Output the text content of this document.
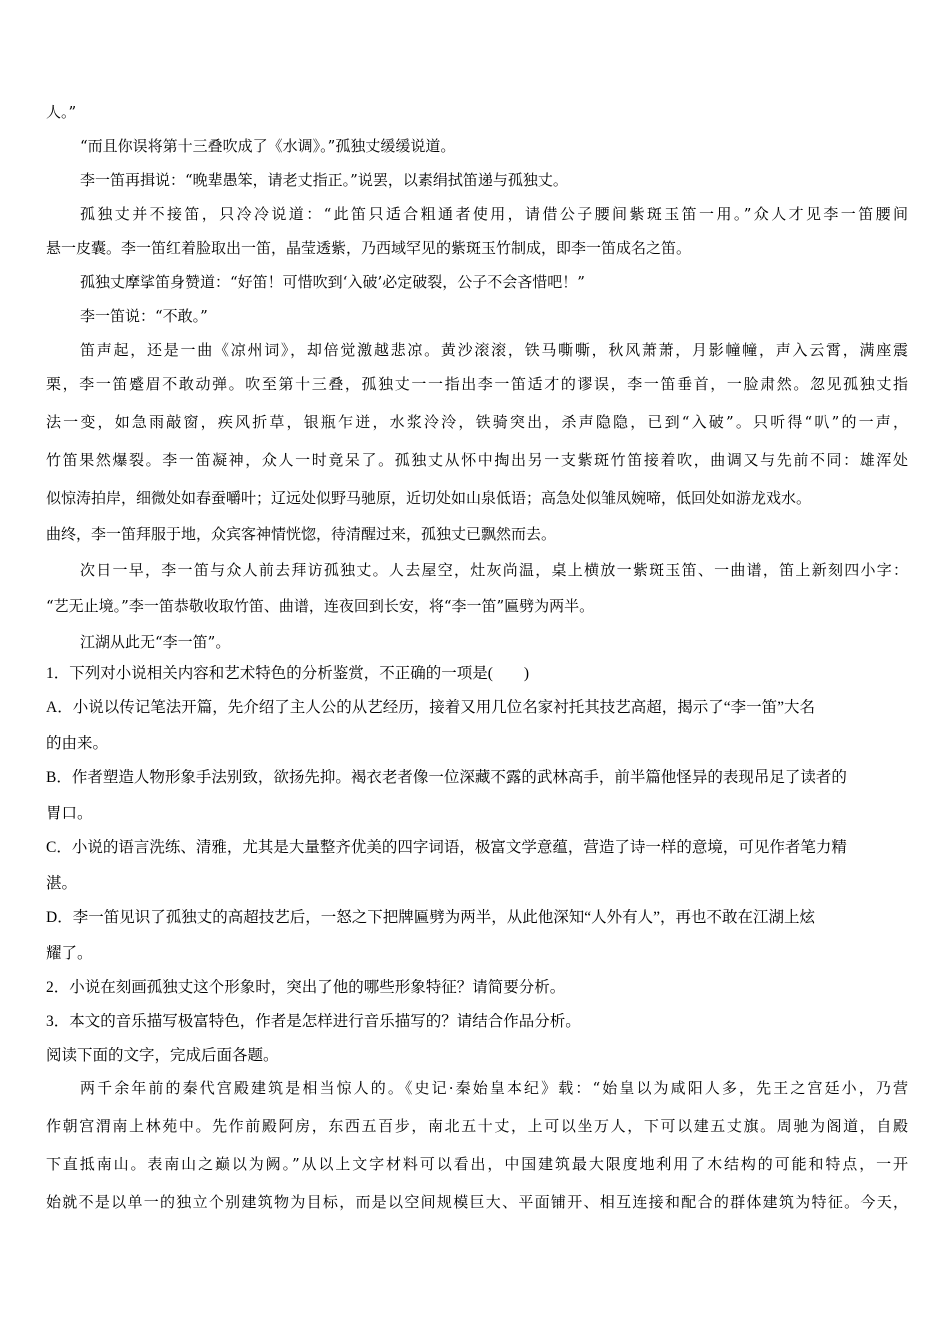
人。”
“而且你误将第十三叠吹成了《水调》。”孤独丈缓缓说道。
李一笛再揖说：“晚辈愚笨，请老丈指正。”说罢，以素绢拭笛递与孤独丈。
孤独丈并不接笛，只冷冷说道：“此笛只适合粗通者使用，请借公子腰间紫斑玉笛一用。”众人才见李一笛腰间
悬一皮囊。李一笛红着脸取出一笛，晶莹透紫，乃西域罕见的紫斑玉竹制成，即李一笛成名之笛。
孤独丈摩挲笛身赞道：“好笛！可惜吹到‘入破’必定破裂，公子不会吝惜吧！”
李一笛说：“不敢。”
笛声起，还是一曲《凉州词》，却倍觉激越悲凉。黄沙滚滚，铁马嘶嘶，秋风萧萧，月影幢幢，声入云霄，满座震
栗，李一笛蹙眉不敢动弹。吹至第十三叠，孤独丈一一指出李一笛适才的谬误，李一笛垂首，一脸肃然。忽见孤独丈指
法一变，如急雨敲窗，疾风折草，银瓶乍迸，水浆泠泠，铁骑突出，杀声隐隐，已到“入破”。只听得“叭”的一声，
竹笛果然爆裂。李一笛凝神，众人一时竟呆了。孤独丈从怀中掏出另一支紫斑竹笛接着吹，曲调又与先前不同：雄浑处
似惊涛拍岸，细微处如春蚕嚼叶；辽远处似野马驰原，近切处如山泉低语；高急处似雏凤婉啼，低回处如游龙戏水。
曲终，李一笛拜服于地，众宾客神情恍惚，待清醒过来，孤独丈已飘然而去。
次日一早，李一笛与众人前去拜访孤独丈。人去屋空，灶灰尚温，桌上横放一紫斑玉笛、一曲谱，笛上新刻四小字：
“艺无止境。”李一笛恭敬收取竹笛、曲谱，连夜回到长安，将“李一笛”匾劈为两半。
江湖从此无“李一笛”。
1．下列对小说相关内容和艺术特色的分析鉴赏，不正确的一项是(　　)
A．小说以传记笔法开篇，先介绍了主人公的从艺经历，接着又用几位名家衬托其技艺高超，揭示了“李一笛”大名
的由来。
B．作者塑造人物形象手法别致，欲扬先抑。褐衣老者像一位深藏不露的武林高手，前半篇他怪异的表现吊足了读者的
胃口。
C．小说的语言洗练、清雅，尤其是大量整齐优美的四字词语，极富文学意蕴，营造了诗一样的意境，可见作者笔力精
湛。
D．李一笛见识了孤独丈的高超技艺后，一怒之下把牌匾劈为两半，从此他深知“人外有人”，再也不敢在江湖上炫
耀了。
2．小说在刻画孤独丈这个形象时，突出了他的哪些形象特征？请简要分析。
3．本文的音乐描写极富特色，作者是怎样进行音乐描写的？请结合作品分析。
阅读下面的文字，完成后面各题。
两千余年前的秦代宫殿建筑是相当惊人的。《史记·秦始皇本纪》载：“始皇以为咸阳人多，先王之宫廷小，乃营
作朝宫渭南上林苑中。先作前殿阿房，东西五百步，南北五十丈，上可以坐万人，下可以建五丈旗。周驰为阁道，自殿
下直抵南山。表南山之巅以为阙。”从以上文字材料可以看出，中国建筑最大限度地利用了木结构的可能和特点，一开
始就不是以单一的独立个别建筑物为目标，而是以空间规模巨大、平面铺开、相互连接和配合的群体建筑为特征。今天，
